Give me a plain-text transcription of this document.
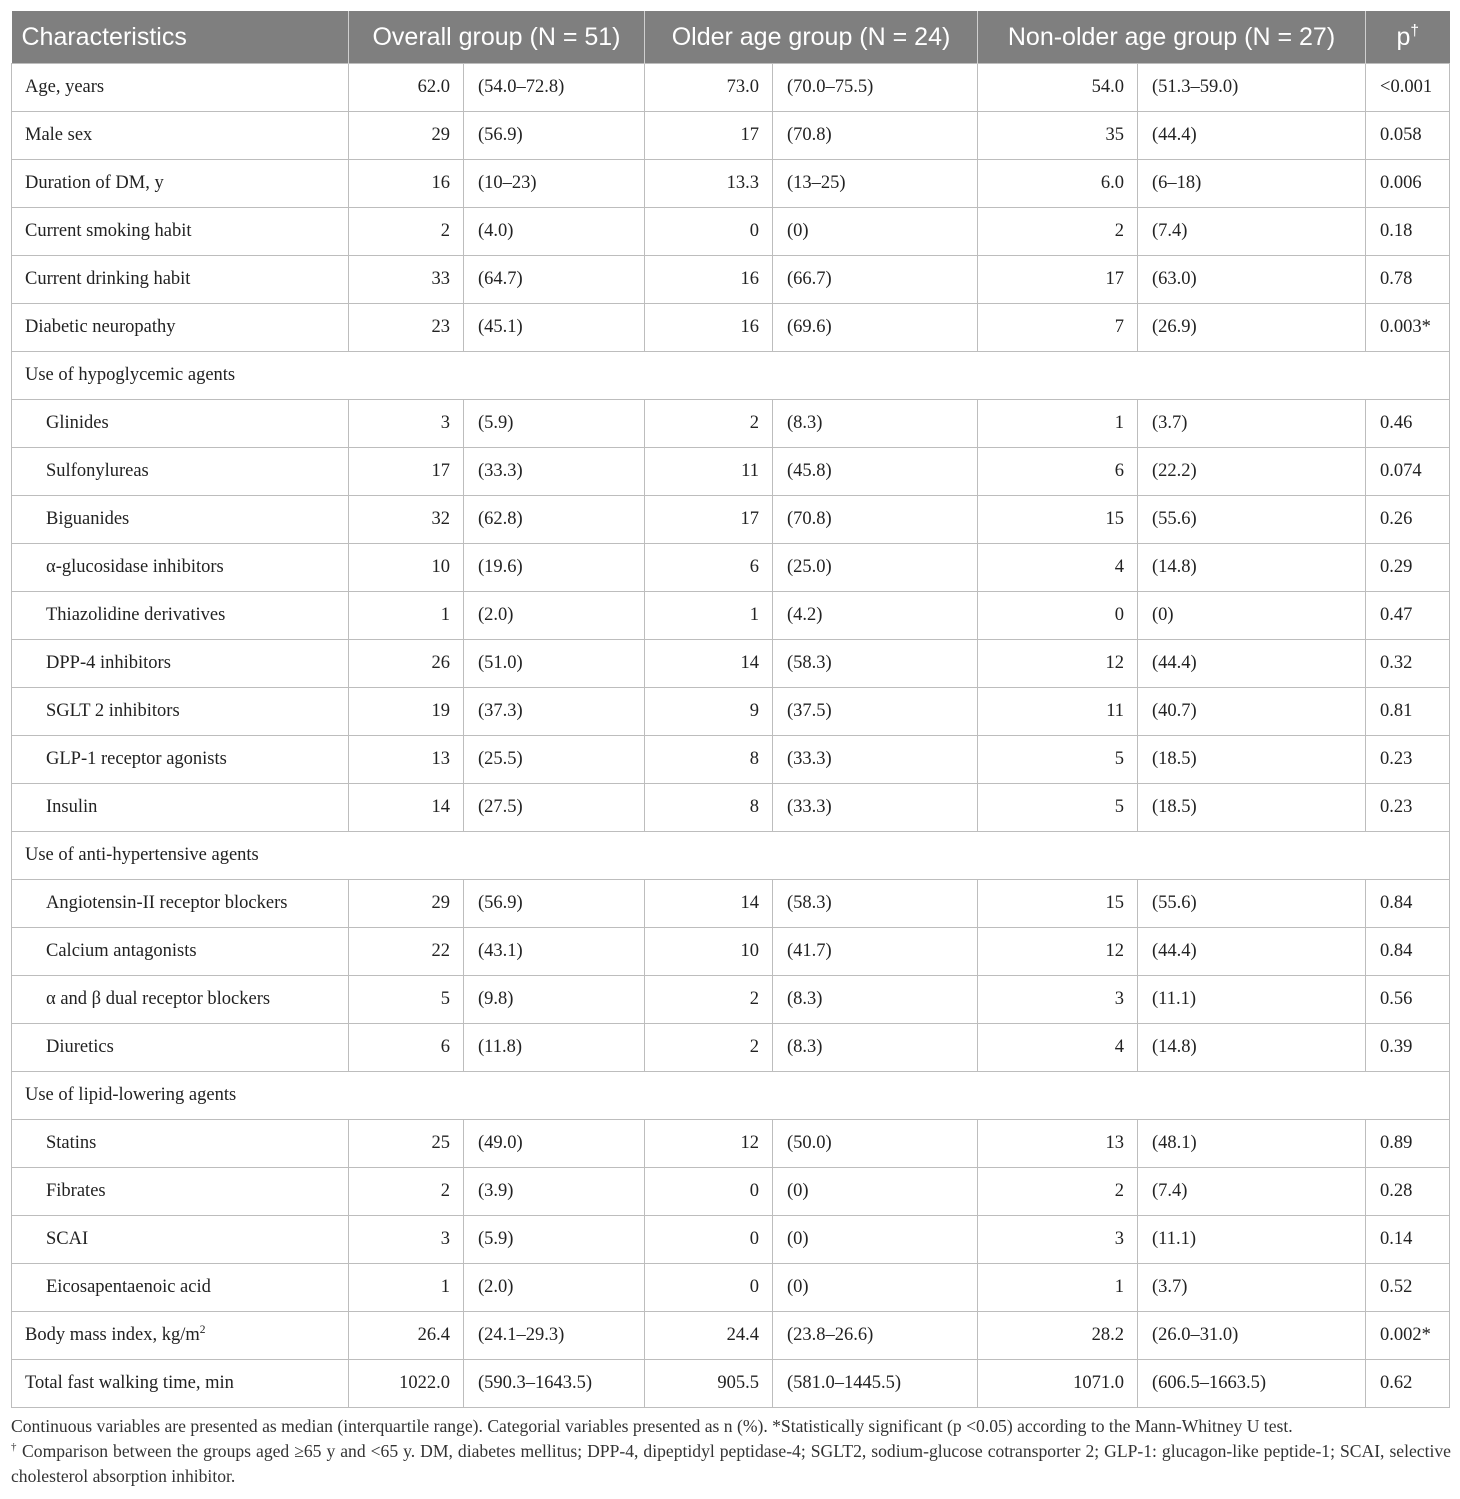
Characteristics	Overall group (N = 51)		Older age group (N = 24)		Non-older age group (N = 27)		p†
Age, years	62.0	(54.0–72.8)	73.0	(70.0–75.5)	54.0	(51.3–59.0)	<0.001
Male sex	29	(56.9)	17	(70.8)	35	(44.4)	0.058
Duration of DM, y	16	(10–23)	13.3	(13–25)	6.0	(6–18)	0.006
Current smoking habit	2	(4.0)	0	(0)	2	(7.4)	0.18
Current drinking habit	33	(64.7)	16	(66.7)	17	(63.0)	0.78
Diabetic neuropathy	23	(45.1)	16	(69.6)	7	(26.9)	0.003*
Use of hypoglycemic agents							
Glinides	3	(5.9)	2	(8.3)	1	(3.7)	0.46
Sulfonylureas	17	(33.3)	11	(45.8)	6	(22.2)	0.074
Biguanides	32	(62.8)	17	(70.8)	15	(55.6)	0.26
α-glucosidase inhibitors	10	(19.6)	6	(25.0)	4	(14.8)	0.29
Thiazolidine derivatives	1	(2.0)	1	(4.2)	0	(0)	0.47
DPP-4 inhibitors	26	(51.0)	14	(58.3)	12	(44.4)	0.32
SGLT 2 inhibitors	19	(37.3)	9	(37.5)	11	(40.7)	0.81
GLP-1 receptor agonists	13	(25.5)	8	(33.3)	5	(18.5)	0.23
Insulin	14	(27.5)	8	(33.3)	5	(18.5)	0.23
Use of anti-hypertensive agents							
Angiotensin-II receptor blockers	29	(56.9)	14	(58.3)	15	(55.6)	0.84
Calcium antagonists	22	(43.1)	10	(41.7)	12	(44.4)	0.84
α and β dual receptor blockers	5	(9.8)	2	(8.3)	3	(11.1)	0.56
Diuretics	6	(11.8)	2	(8.3)	4	(14.8)	0.39
Use of lipid-lowering agents							
Statins	25	(49.0)	12	(50.0)	13	(48.1)	0.89
Fibrates	2	(3.9)	0	(0)	2	(7.4)	0.28
SCAI	3	(5.9)	0	(0)	3	(11.1)	0.14
Eicosapentaenoic acid	1	(2.0)	0	(0)	1	(3.7)	0.52
Body mass index, $kg/m^2$	26.4	(24.1–29.3)	24.4	(23.8–26.6)	28.2	(26.0–31.0)	0.002*
Total fast walking time, min	1022.0	(590.3–1643.5)	905.5	(581.0–1445.5)	1071.0	(606.5–1663.5)	0.62

Continuous variables are presented as median (interquartile range). Categorial variables presented as n (%). *Statistically significant (p <0.05) according to the Mann-Whitney U test.

† Comparison between the groups aged ≥65 y and <65 y. DM, diabetes mellitus; DPP-4, dipeptidyl peptidase-4; SGLT2, sodium-glucose cotransporter 2; GLP-1: glucagon-like peptide-1; SCAI, selective cholesterol absorption inhibitor.
